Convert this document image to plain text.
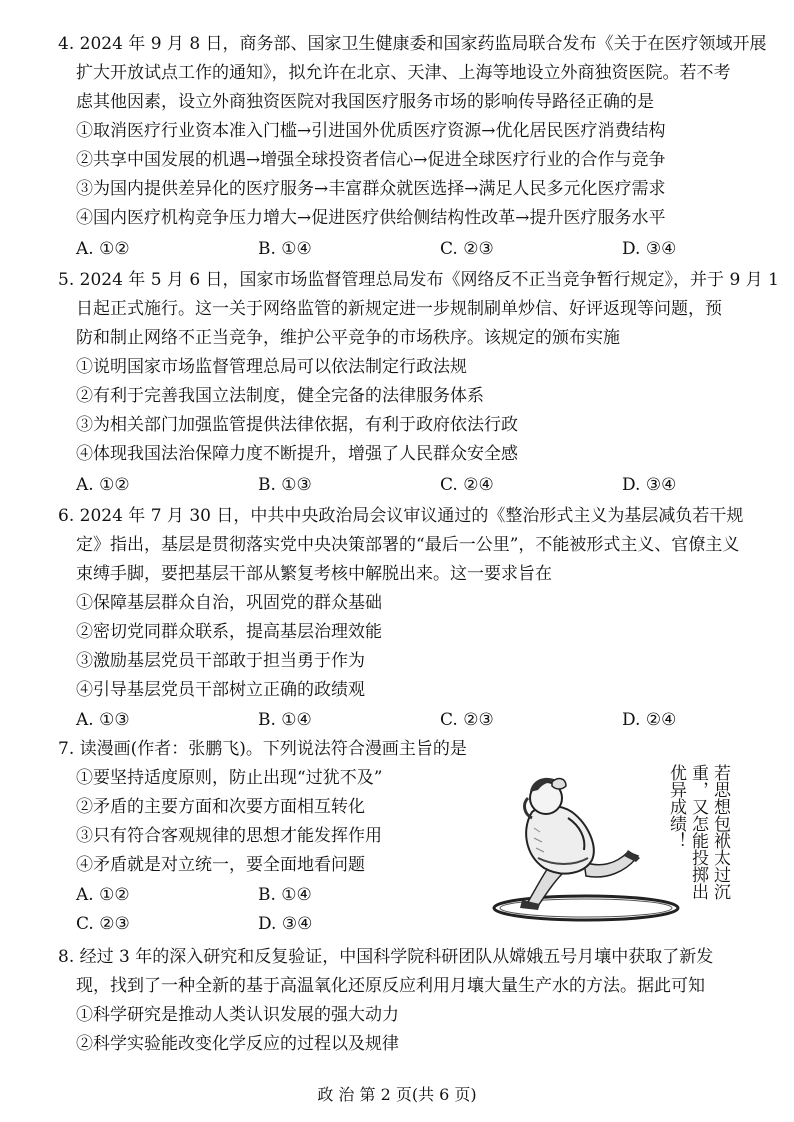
4. 2024 年 9 月 8 日，商务部、国家卫生健康委和国家药监局联合发布《关于在医疗领域开展
扩大开放试点工作的通知》，拟允许在北京、天津、上海等地设立外商独资医院。若不考
虑其他因素，设立外商独资医院对我国医疗服务市场的影响传导路径正确的是
①取消医疗行业资本准入门槛→引进国外优质医疗资源→优化居民医疗消费结构
②共享中国发展的机遇→增强全球投资者信心→促进全球医疗行业的合作与竞争
③为国内提供差异化的医疗服务→丰富群众就医选择→满足人民多元化医疗需求
④国内医疗机构竞争压力增大→促进医疗供给侧结构性改革→提升医疗服务水平
A. ①②	B. ①④	C. ②③	D. ③④
5. 2024 年 5 月 6 日，国家市场监督管理总局发布《网络反不正当竞争暂行规定》，并于 9 月 1
日起正式施行。这一关于网络监管的新规定进一步规制刷单炒信、好评返现等问题，预
防和制止网络不正当竞争，维护公平竞争的市场秩序。该规定的颁布实施
①说明国家市场监督管理总局可以依法制定行政法规
②有利于完善我国立法制度，健全完备的法律服务体系
③为相关部门加强监管提供法律依据，有利于政府依法行政
④体现我国法治保障力度不断提升，增强了人民群众安全感
A. ①②	B. ①③	C. ②④	D. ③④
6. 2024 年 7 月 30 日，中共中央政治局会议审议通过的《整治形式主义为基层减负若干规
定》指出，基层是贯彻落实党中央决策部署的“最后一公里”，不能被形式主义、官僚主义
束缚手脚，要把基层干部从繁复考核中解脱出来。这一要求旨在
①保障基层群众自治，巩固党的群众基础
②密切党同群众联系，提高基层治理效能
③激励基层党员干部敢于担当勇于作为
④引导基层党员干部树立正确的政绩观
A. ①③	B. ①④	C. ②③	D. ②④
7. 读漫画(作者：张鹏飞)。下列说法符合漫画主旨的是
①要坚持适度原则，防止出现“过犹不及”
②矛盾的主要方面和次要方面相互转化
③只有符合客观规律的思想才能发挥作用
④矛盾就是对立统一，要全面地看问题
A. ①②	B. ①④
C. ②③	D. ③④
若思想包袱太过沉
重，又怎能投掷出
优异成绩！
8. 经过 3 年的深入研究和反复验证，中国科学院科研团队从嫦娥五号月壤中获取了新发
现，找到了一种全新的基于高温氧化还原反应利用月壤大量生产水的方法。据此可知
①科学研究是推动人类认识发展的强大动力
②科学实验能改变化学反应的过程以及规律
政 治 第 2 页(共 6 页)
